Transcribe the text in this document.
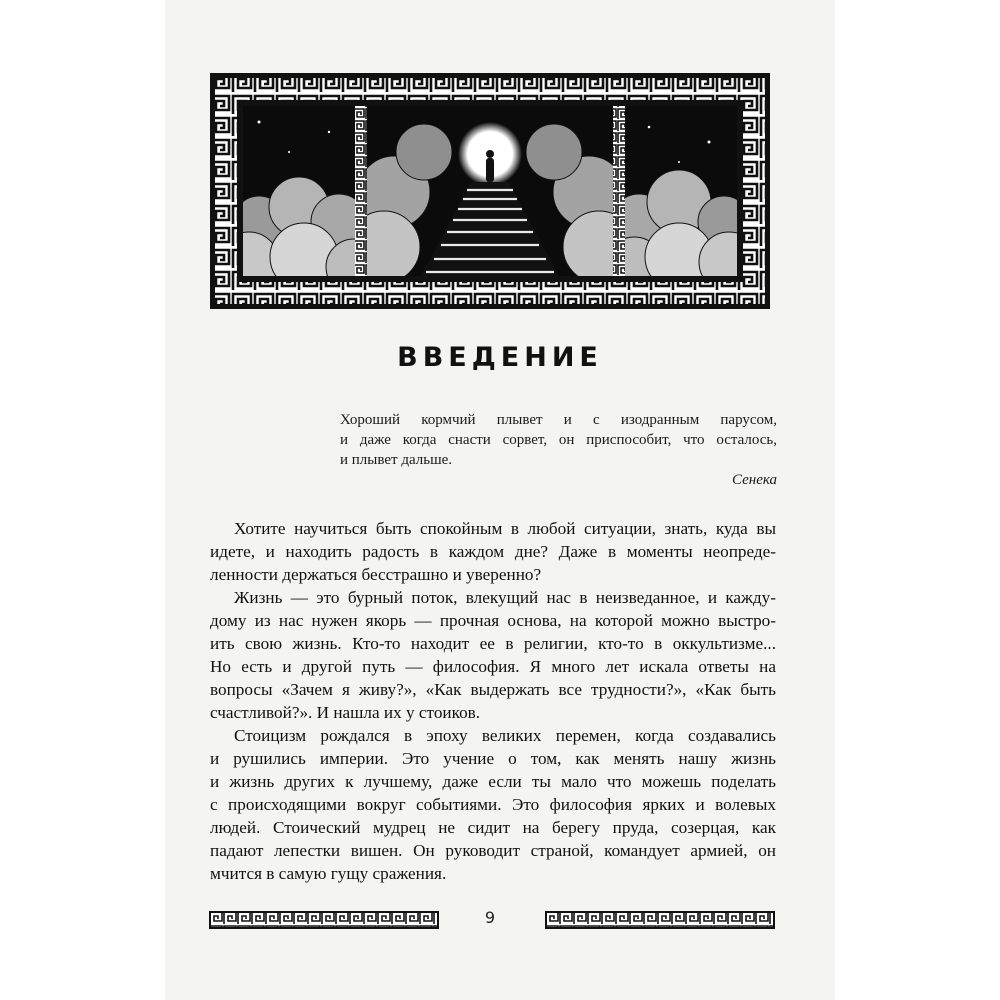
ВВЕДЕНИЕ
Хороший кормчий плывет и с изодранным парусом,
и даже когда снасти сорвет, он приспособит, что осталось,
и плывет дальше.
Сенека
Хотите научиться быть спокойным в любой ситуации, знать, куда вы
идете, и находить радость в каждом дне? Даже в моменты неопреде-
ленности держаться бесстрашно и уверенно?
Жизнь — это бурный поток, влекущий нас в неизведанное, и кажду-
дому из нас нужен якорь — прочная основа, на которой можно выстро-
ить свою жизнь. Кто-то находит ее в религии, кто-то в оккультизме...
Но есть и другой путь — философия. Я много лет искала ответы на
вопросы «Зачем я живу?», «Как выдержать все трудности?», «Как быть
счастливой?». И нашла их у стоиков.
Стоицизм рождался в эпоху великих перемен, когда создавались
и рушились империи. Это учение о том, как менять нашу жизнь
и жизнь других к лучшему, даже если ты мало что можешь поделать
с происходящими вокруг событиями. Это философия ярких и волевых
людей. Стоический мудрец не сидит на берегу пруда, созерцая, как
падают лепестки вишен. Он руководит страной, командует армией, он
мчится в самую гущу сражения.
9
